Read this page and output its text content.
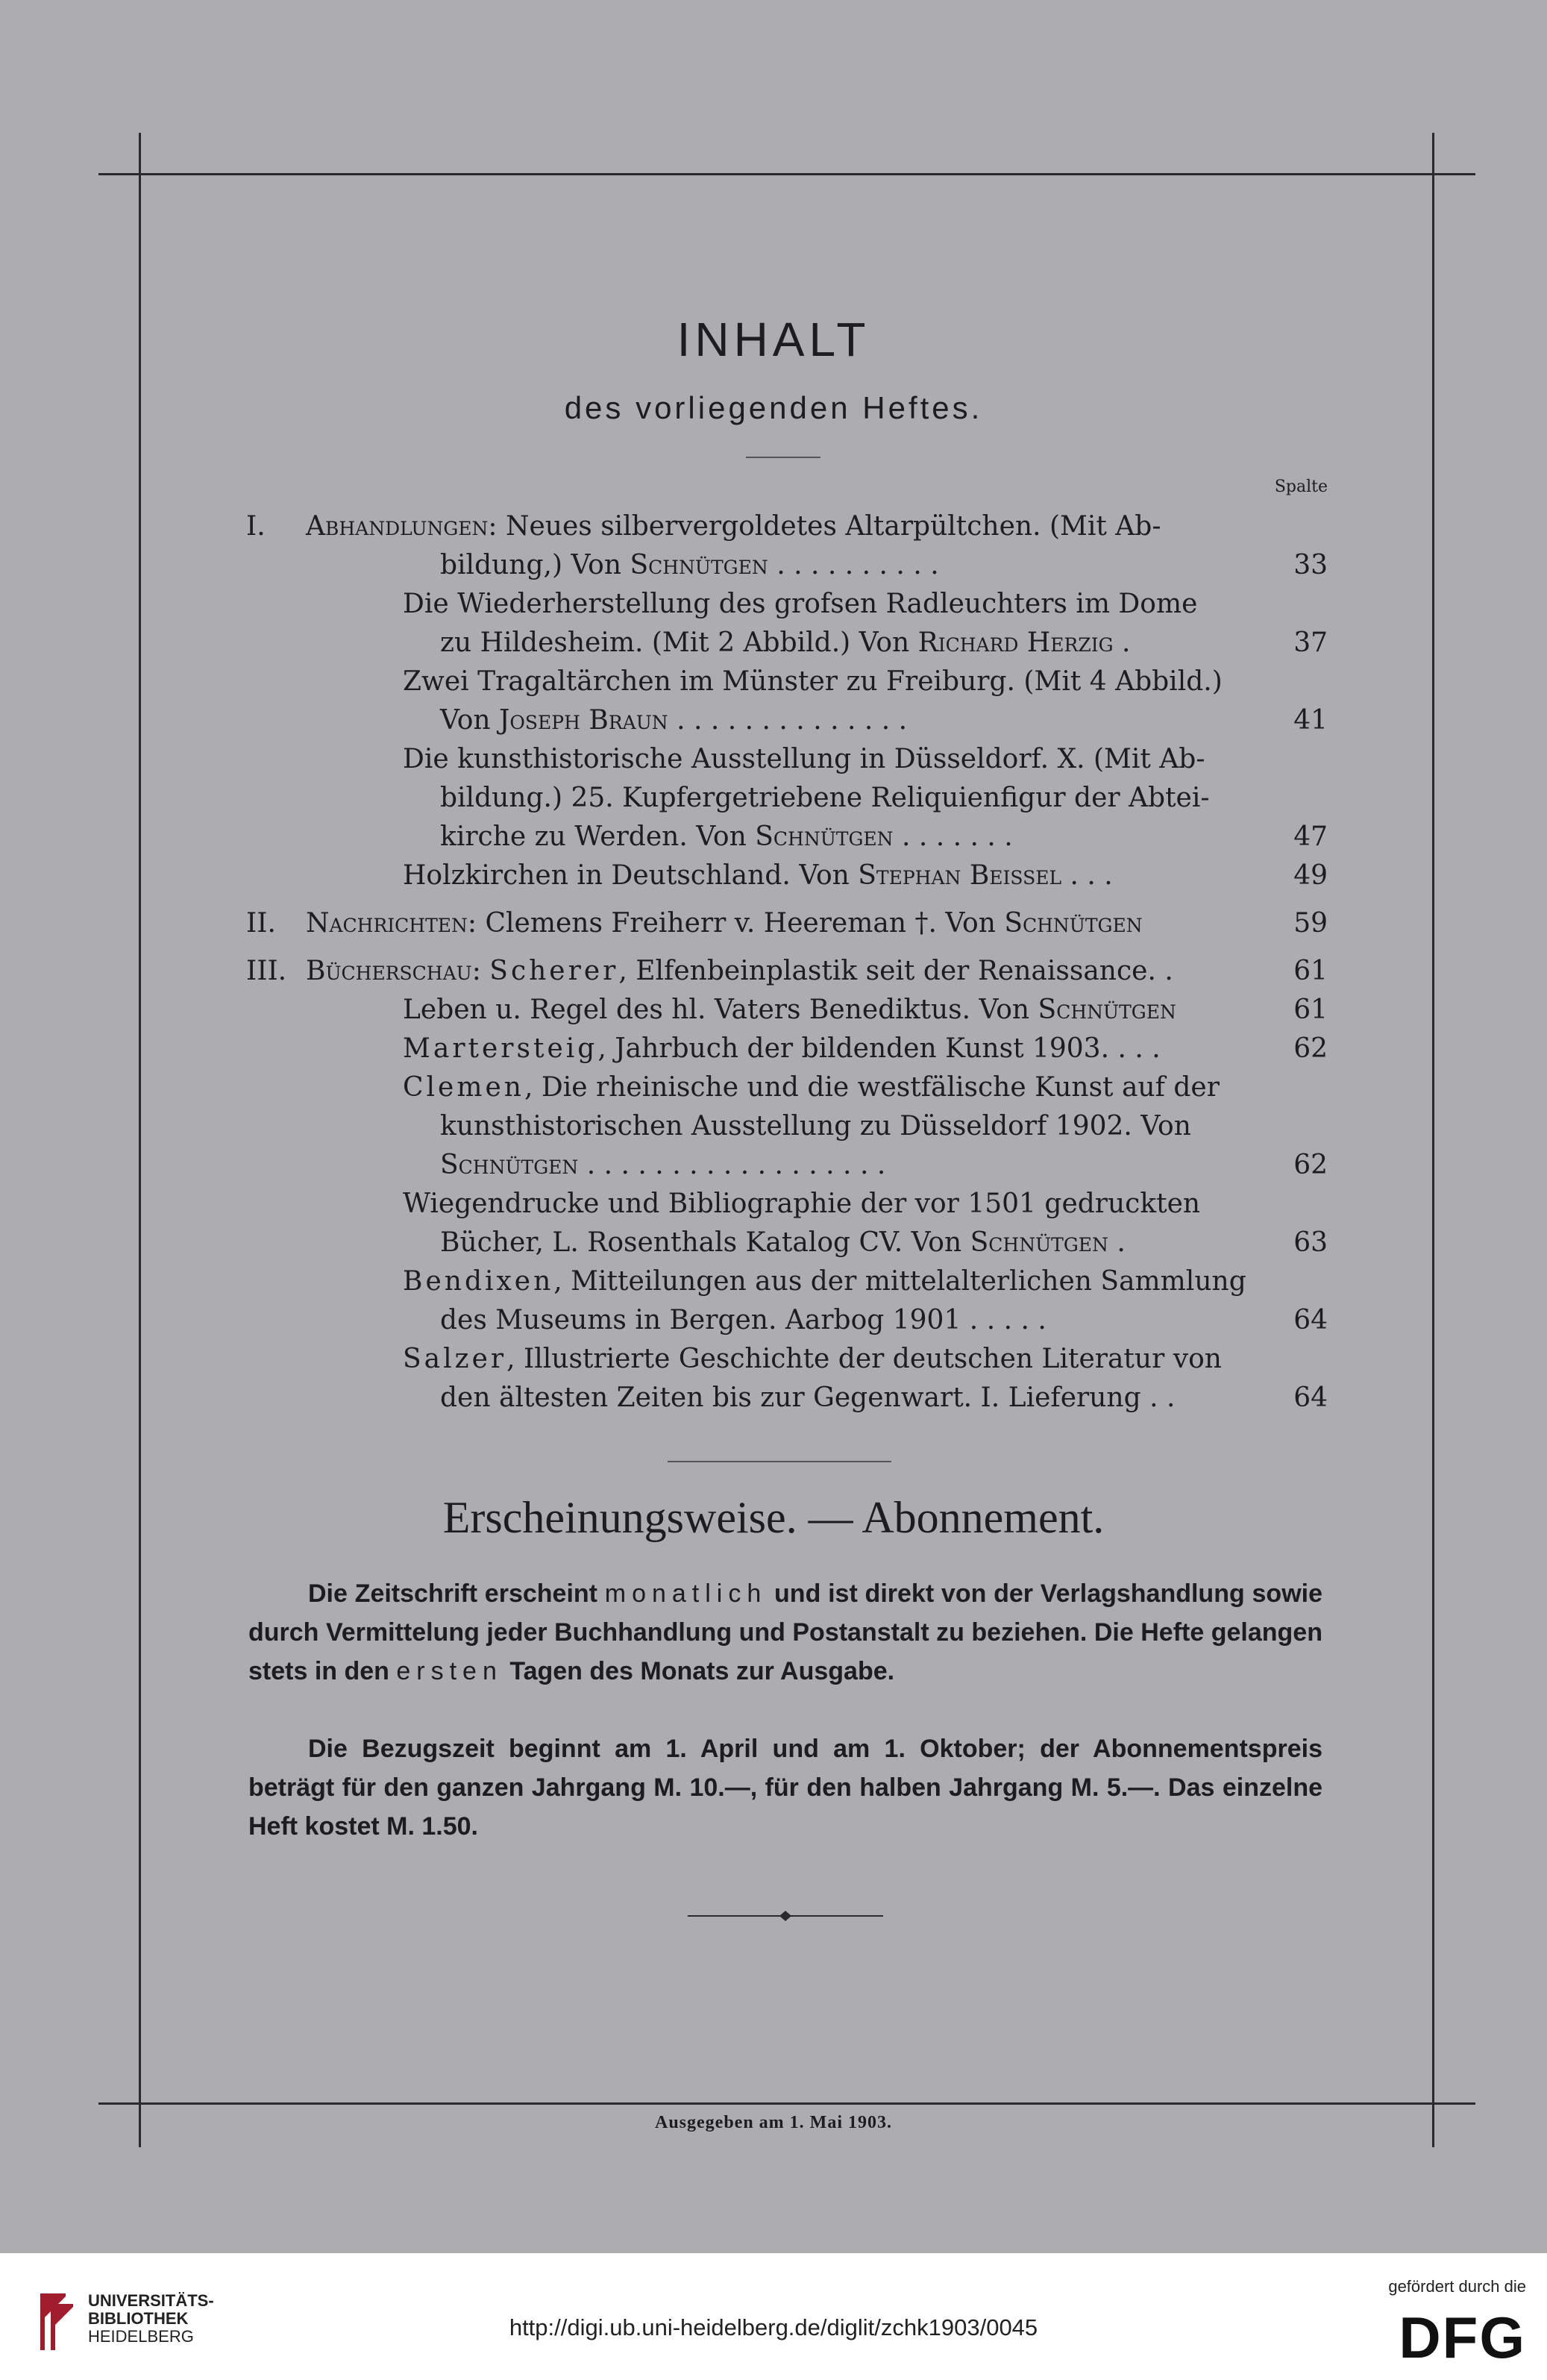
INHALT
des vorliegenden Heftes.
Spalte
I. Abhandlungen: Neues silbervergoldetes Altarpültchen. (Mit Ab-
bildung,) Von Schnütgen . . . . . . . . . .	33
Die Wiederherstellung des grofsen Radleuchters im Dome
zu Hildesheim. (Mit 2 Abbild.) Von Richard Herzig .	37
Zwei Tragaltärchen im Münster zu Freiburg. (Mit 4 Abbild.)
Von Joseph Braun . . . . . . . . . . . . . .	41
Die kunsthistorische Ausstellung in Düsseldorf. X. (Mit Ab-
bildung.) 25. Kupfergetriebene Reliquienfigur der Abtei-
kirche zu Werden. Von Schnütgen . . . . . . .	47
Holzkirchen in Deutschland. Von Stephan Beissel . . .	49
II. Nachrichten: Clemens Freiherr v. Heereman †. Von Schnütgen	59
III. Bücherschau: Scherer, Elfenbeinplastik seit der Renaissance. .	61
Leben u. Regel des hl. Vaters Benediktus. Von Schnütgen	61
Martersteig, Jahrbuch der bildenden Kunst 1903. . . .	62
Clemen, Die rheinische und die westfälische Kunst auf der
kunsthistorischen Ausstellung zu Düsseldorf 1902. Von
Schnütgen . . . . . . . . . . . . . . . . . .	62
Wiegendrucke und Bibliographie der vor 1501 gedruckten
Bücher, L. Rosenthals Katalog CV. Von Schnütgen .	63
Bendixen, Mitteilungen aus der mittelalterlichen Sammlung
des Museums in Bergen. Aarbog 1901 . . . . .	64
Salzer, Illustrierte Geschichte der deutschen Literatur von
den ältesten Zeiten bis zur Gegenwart. I. Lieferung . .	64
Erscheinungsweise. — Abonnement.
Die Zeitschrift erscheint monatlich und ist direkt von der Verlagshandlung sowie durch Vermittelung jeder Buchhandlung und Postanstalt zu beziehen. Die Hefte gelangen stets in den ersten Tagen des Monats zur Ausgabe.
Die Bezugszeit beginnt am 1. April und am 1. Oktober; der Abonnementspreis beträgt für den ganzen Jahrgang M. 10.—, für den halben Jahrgang M. 5.—. Das einzelne Heft kostet M. 1.50.
Ausgegeben am 1. Mai 1903.
UNIVERSITÄTS-
BIBLIOTHEK
HEIDELBERG	http://digi.ub.uni-heidelberg.de/diglit/zchk1903/0045
gefördert durch die
DFG
